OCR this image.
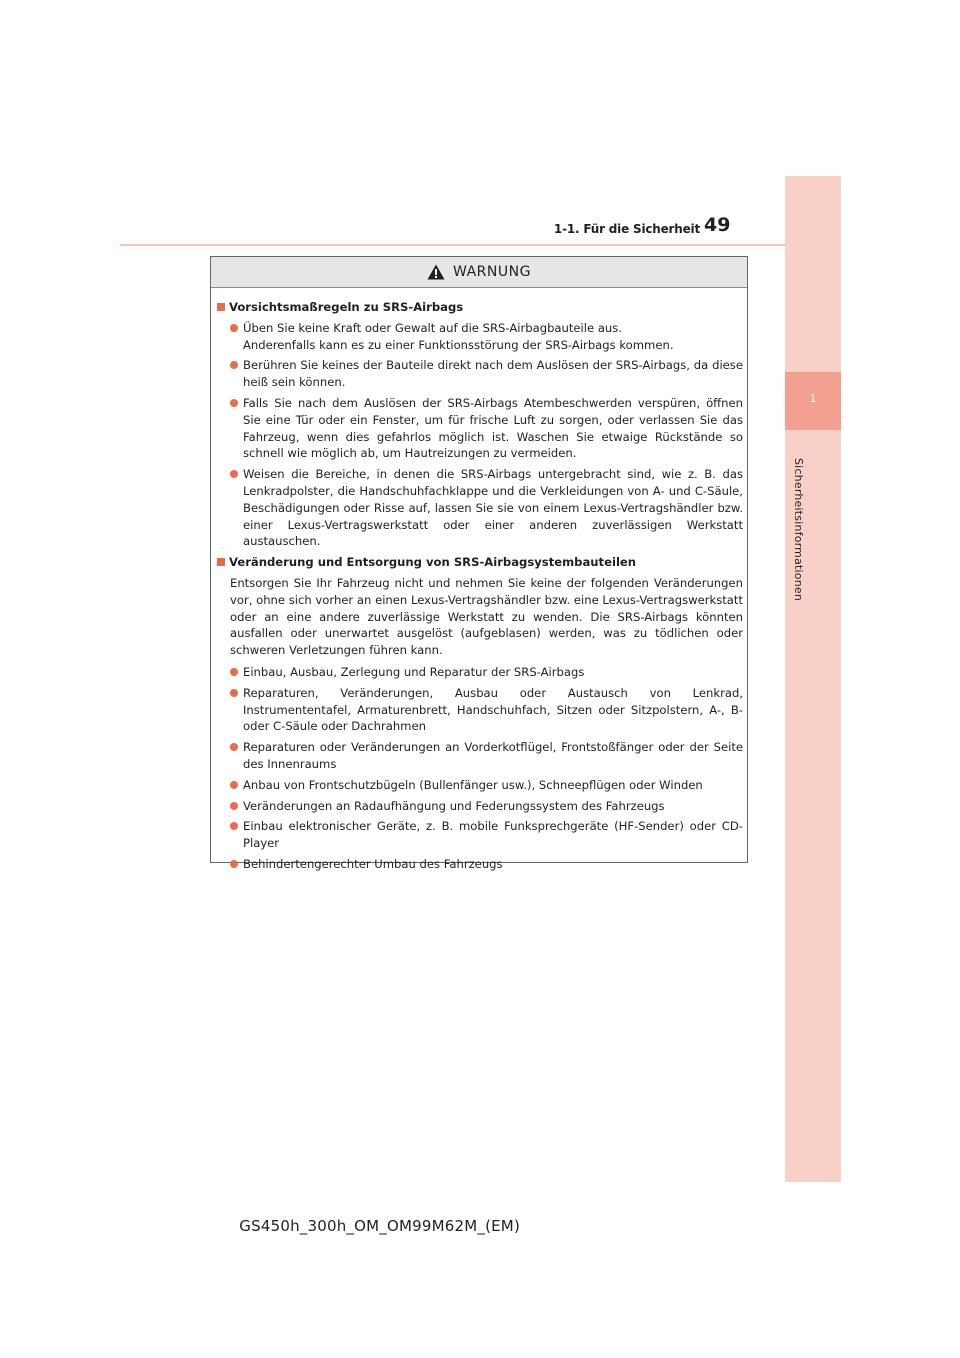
1-1. Für die Sicherheit 49
1
Sicherheitsinformationen
WARNUNG
Vorsichtsmaßregeln zu SRS-Airbags
Üben Sie keine Kraft oder Gewalt auf die SRS-Airbagbauteile aus.
Anderenfalls kann es zu einer Funktionsstörung der SRS-Airbags kommen.
Berühren Sie keines der Bauteile direkt nach dem Auslösen der SRS-Airbags, da diese heiß sein können.
Falls Sie nach dem Auslösen der SRS-Airbags Atembeschwerden verspüren, öffnen Sie eine Tür oder ein Fenster, um für frische Luft zu sorgen, oder verlassen Sie das Fahrzeug, wenn dies gefahrlos möglich ist. Waschen Sie etwaige Rückstände so schnell wie möglich ab, um Hautreizungen zu vermeiden.
Weisen die Bereiche, in denen die SRS-Airbags untergebracht sind, wie z. B. das Lenkradpolster, die Handschuhfachklappe und die Verkleidungen von A- und C-Säule, Beschädigungen oder Risse auf, lassen Sie sie von einem Lexus-Vertragshändler bzw. einer Lexus-Vertragswerkstatt oder einer anderen zuverlässigen Werkstatt austauschen.
Veränderung und Entsorgung von SRS-Airbagsystembauteilen
Entsorgen Sie Ihr Fahrzeug nicht und nehmen Sie keine der folgenden Veränderungen vor, ohne sich vorher an einen Lexus-Vertragshändler bzw. eine Lexus-Vertragswerkstatt oder an eine andere zuverlässige Werkstatt zu wenden. Die SRS-Airbags könnten ausfallen oder unerwartet ausgelöst (aufgeblasen) werden, was zu tödlichen oder schweren Verletzungen führen kann.
Einbau, Ausbau, Zerlegung und Reparatur der SRS-Airbags
Reparaturen, Veränderungen, Ausbau oder Austausch von Lenkrad, Instrumententafel, Armaturenbrett, Handschuhfach, Sitzen oder Sitzpolstern, A-, B- oder C-Säule oder Dachrahmen
Reparaturen oder Veränderungen an Vorderkotflügel, Frontstoßfänger oder der Seite des Innenraums
Anbau von Frontschutzbügeln (Bullenfänger usw.), Schneepflügen oder Winden
Veränderungen an Radaufhängung und Federungssystem des Fahrzeugs
Einbau elektronischer Geräte, z. B. mobile Funksprechgeräte (HF-Sender) oder CD-Player
Behindertengerechter Umbau des Fahrzeugs
GS450h_300h_OM_OM99M62M_(EM)
